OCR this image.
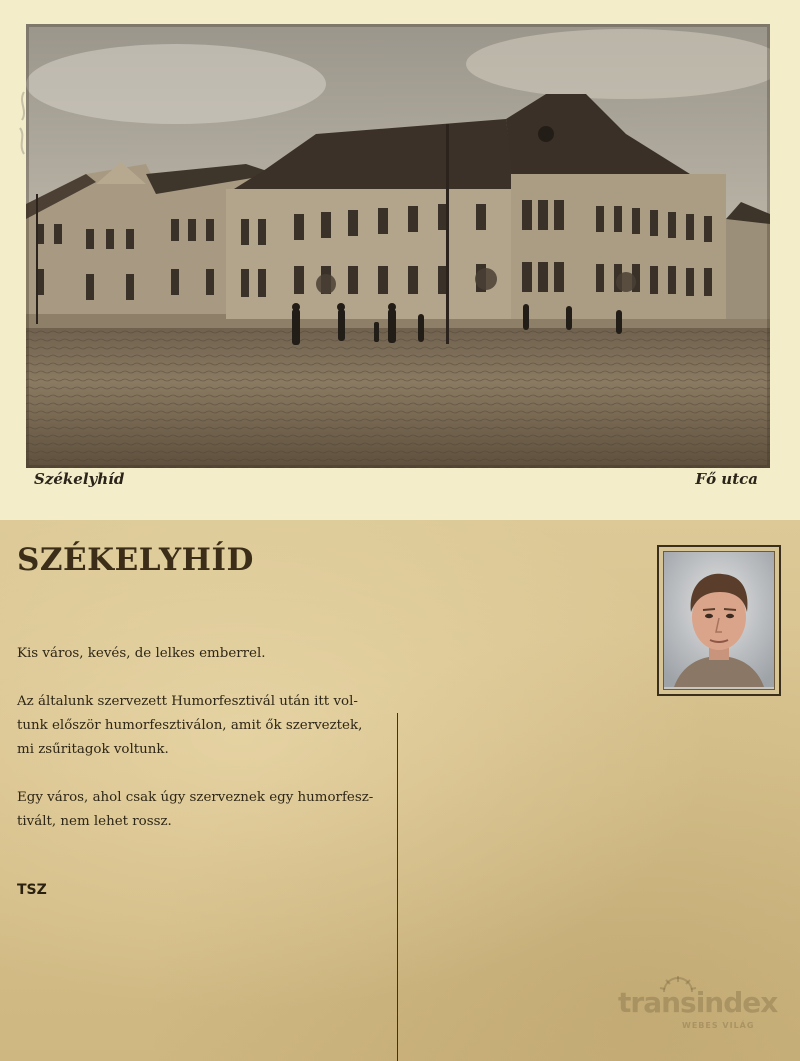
Székelyhíd	Fő utca
SZÉKELYHÍD

Kis város, kevés, de lelkes emberrel.

Az általunk szervezett Humorfesztivál után itt vol- tunk először humorfesztiválon, amit ők szerveztek, mi zsűritagok voltunk.

Egy város, ahol csak úgy szerveznek egy humorfesz- tivált, nem lehet rossz.

TSZ
transindex
WEBES VILÁG
